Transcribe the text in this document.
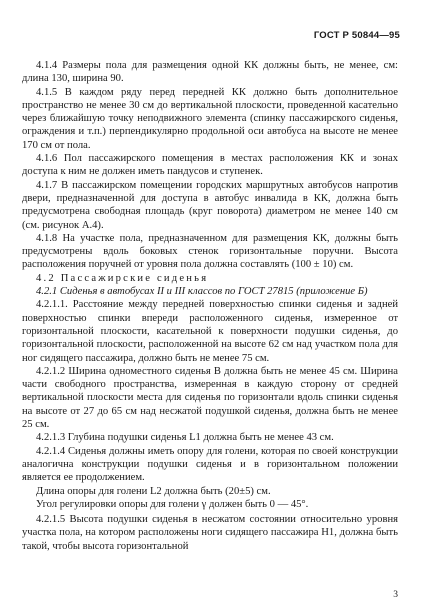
ГОСТ Р 50844—95

4.1.4 Размеры пола для размещения одной КК должны быть, не менее, см: длина 130, ширина 90.

4.1.5 В каждом ряду перед передней КК должно быть дополнительное пространство не менее 30 см до вертикальной плоскости, проведенной касательно через ближайшую точку неподвижного элемента (спинку пассажирского сиденья, ограждения и т.п.) перпендикулярно продольной оси автобуса на высоте не менее 170 см от пола.

4.1.6 Пол пассажирского помещения в местах расположения КК и зонах доступа к ним не должен иметь пандусов и ступенек.

4.1.7 В пассажирском помещении городских маршрутных автобусов напротив двери, предназначенной для доступа в автобус инвалида в КК, должна быть предусмотрена свободная площадь (круг поворота) диаметром не менее 140 см (см. рисунок А.4).

4.1.8 На участке пола, предназначенном для размещения КК, должны быть предусмотрены вдоль боковых стенок горизонтальные поручни. Высота расположения поручней от уровня пола должна составлять (100 ± 10) см.

4.2 Пассажирские сиденья

4.2.1 Сиденья в автобусах II и III классов по ГОСТ 27815 (приложение Б)

4.2.1.1. Расстояние между передней поверхностью спинки сиденья и задней поверхностью спинки впереди расположенного сиденья, измеренное от горизонтальной плоскости, касательной к поверхности подушки сиденья, до горизонтальной плоскости, расположенной на высоте 62 см над участком пола для ног сидящего пассажира, должно быть не менее 75 см.

4.2.1.2 Ширина одноместного сиденья B должна быть не менее 45 см. Ширина части свободного пространства, измеренная в каждую сторону от средней вертикальной плоскости места для сиденья по горизонтали вдоль спинки сиденья на высоте от 27 до 65 см над несжатой подушкой сиденья, должна быть не менее 25 см.

4.2.1.3 Глубина подушки сиденья L1 должна быть не менее 43 см.

4.2.1.4 Сиденья должны иметь опору для голени, которая по своей конструкции аналогична конструкции подушки сиденья и в горизонтальном положении является ее продолжением.

Длина опоры для голени L2 должна быть (20±5) см.

Угол регулировки опоры для голени γ должен быть 0 — 45°.

4.2.1.5 Высота подушки сиденья в несжатом состоянии относительно уровня участка пола, на котором расположены ноги сидящего пассажира H1, должна быть такой, чтобы высота горизонтальной

3
